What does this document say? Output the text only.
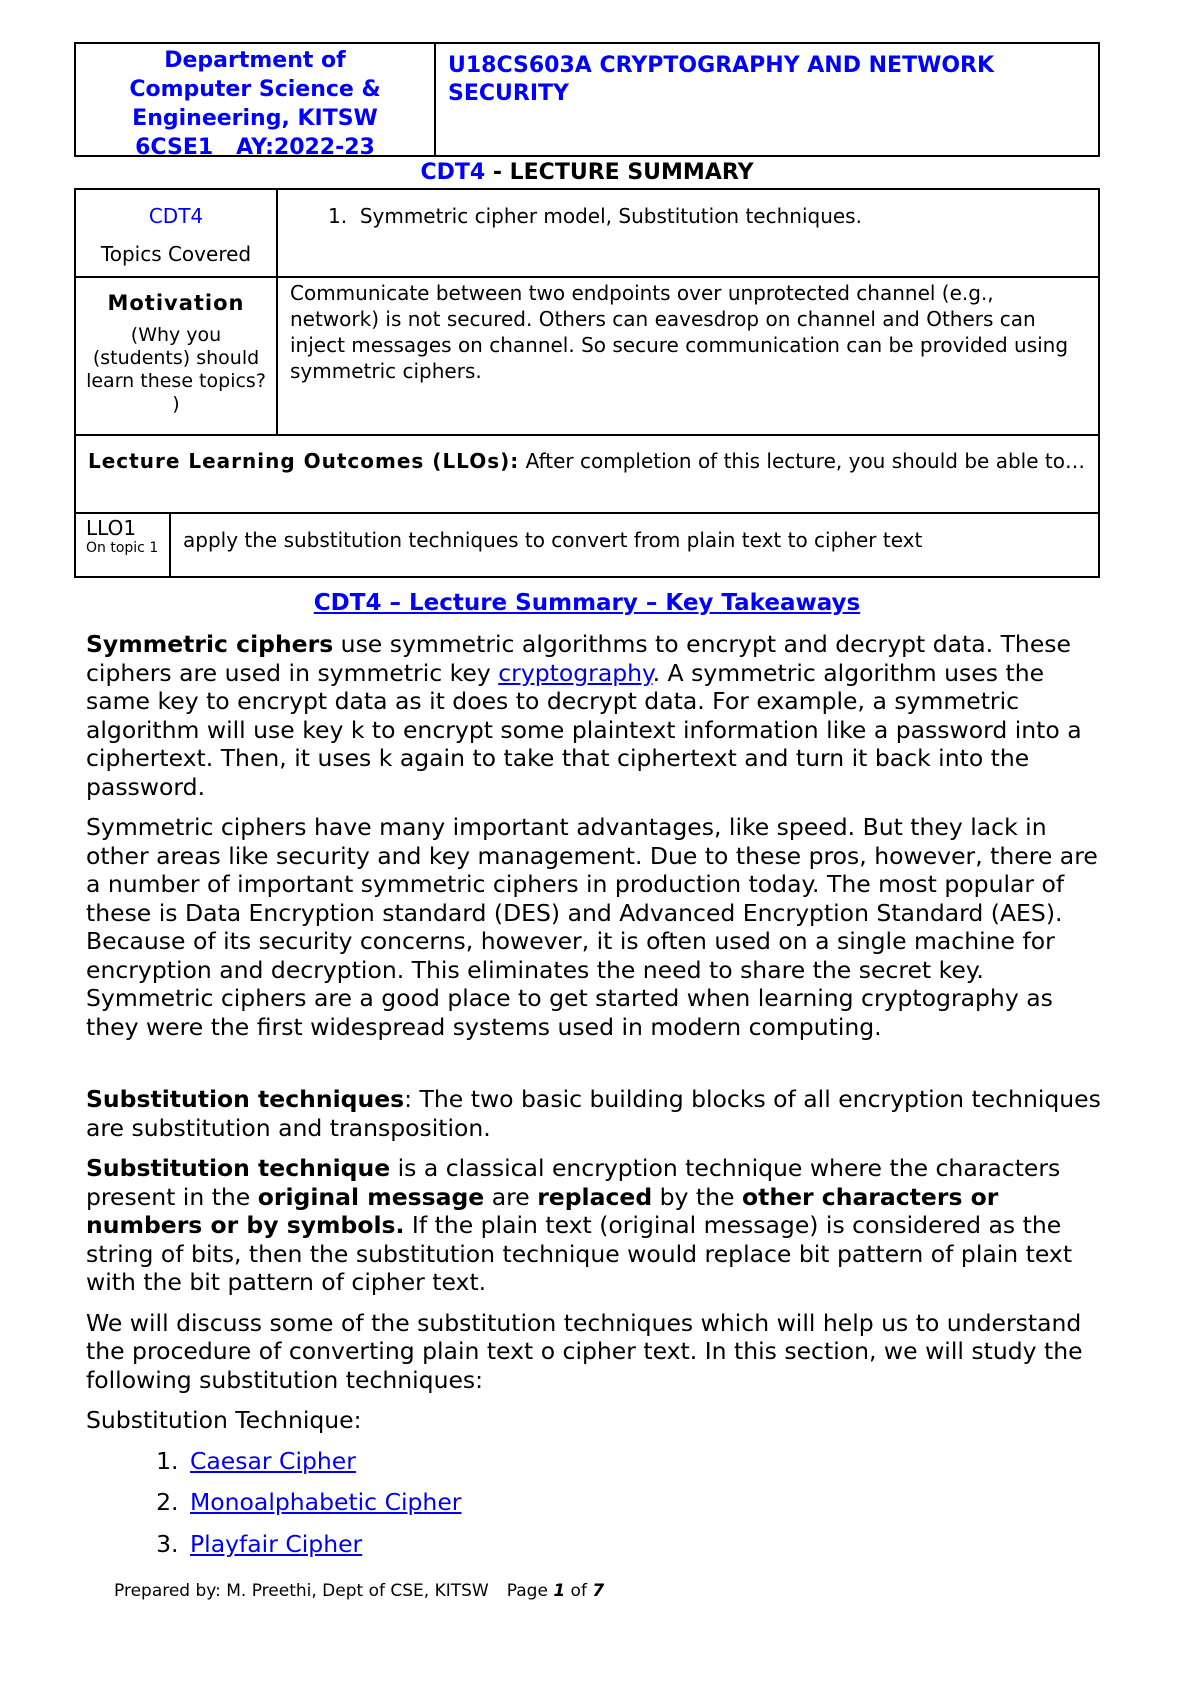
Department of
Computer Science &
Engineering, KITSW
6CSE1   AY:2022-23
U18CS603A CRYPTOGRAPHY AND NETWORK SECURITY
CDT4 - LECTURE SUMMARY
CDT4
Topics Covered
1. Symmetric cipher model, Substitution techniques.
Motivation
(Why you (students) should learn these topics? )
Communicate between two endpoints over unprotected channel (e.g., network) is not secured. Others can eavesdrop on channel and Others can inject messages on channel. So secure communication can be provided using symmetric ciphers.
Lecture Learning Outcomes (LLOs): After completion of this lecture, you should be able to…
LLO1
On topic 1	apply the substitution techniques to convert from plain text to cipher text
CDT4 – Lecture Summary – Key Takeaways

Symmetric ciphers use symmetric algorithms to encrypt and decrypt data. These ciphers are used in symmetric key cryptography. A symmetric algorithm uses the same key to encrypt data as it does to decrypt data. For example, a symmetric algorithm will use key k to encrypt some plaintext information like a password into a ciphertext. Then, it uses k again to take that ciphertext and turn it back into the password.

Symmetric ciphers have many important advantages, like speed. But they lack in other areas like security and key management. Due to these pros, however, there are a number of important symmetric ciphers in production today. The most popular of these is Data Encryption standard (DES) and Advanced Encryption Standard (AES). Because of its security concerns, however, it is often used on a single machine for encryption and decryption. This eliminates the need to share the secret key. Symmetric ciphers are a good place to get started when learning cryptography as they were the first widespread systems used in modern computing.

Substitution techniques: The two basic building blocks of all encryption techniques are substitution and transposition.

Substitution technique is a classical encryption technique where the characters present in the original message are replaced by the other characters or numbers or by symbols. If the plain text (original message) is considered as the string of bits, then the substitution technique would replace bit pattern of plain text with the bit pattern of cipher text.

We will discuss some of the substitution techniques which will help us to understand the procedure of converting plain text o cipher text. In this section, we will study the following substitution techniques:

Substitution Technique:

1. Caesar Cipher
2. Monoalphabetic Cipher
3. Playfair Cipher
Prepared by: M. Preethi, Dept of CSE, KITSW Page 1 of 7
